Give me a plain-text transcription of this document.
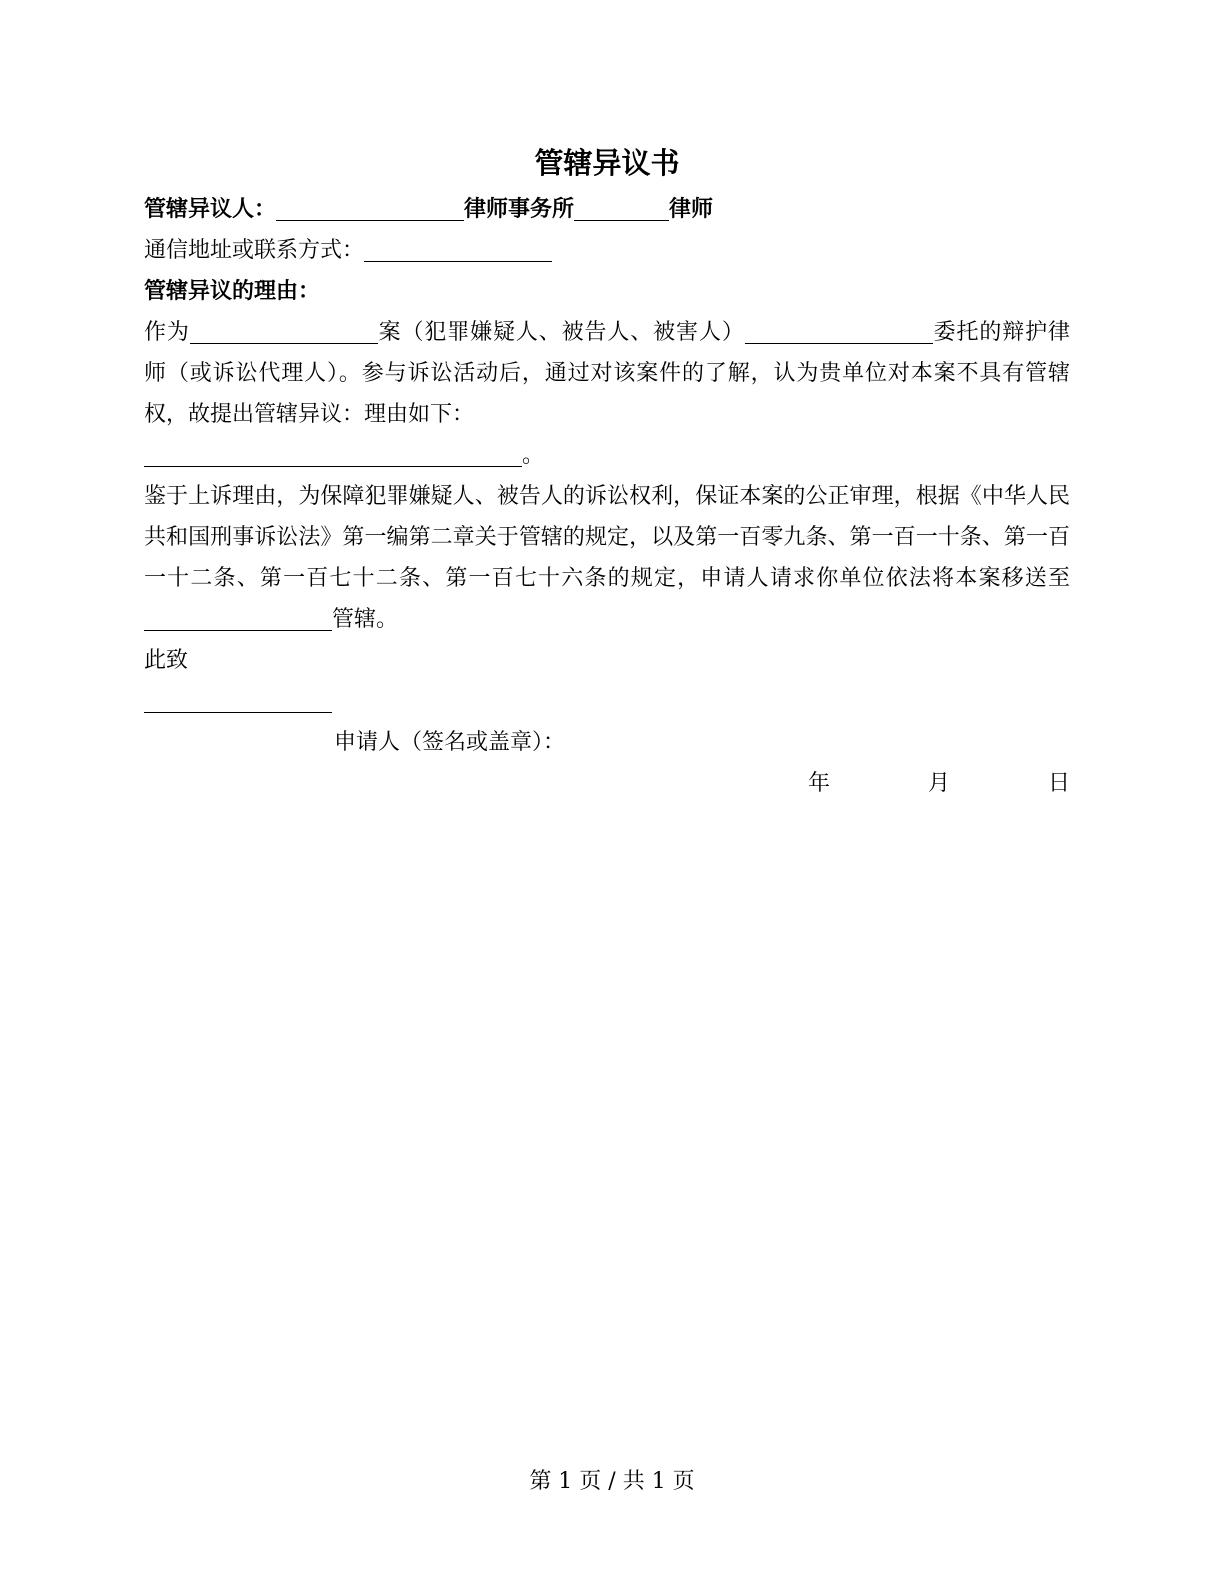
管辖异议书

管辖异议人：	律师事务所	律师

通信地址或联系方式：

管辖异议的理由：

作为	案（犯罪嫌疑人、被告人、被害人）	委托的辩护律师（或诉讼代理人）。参与诉讼活动后，通过对该案件的了解，认为贵单位对本案不具有管辖权，故提出管辖异议：理由如下：

。

鉴于上诉理由，为保障犯罪嫌疑人、被告人的诉讼权利，保证本案的公正审理，根据《中华人民共和国刑事诉讼法》第一编第二章关于管辖的规定，以及第一百零九条、第一百一十条、第一百一十二条、第一百七十二条、第一百七十六条的规定，申请人请求你单位依法将本案移送至管辖。

此致

申请人（签名或盖章）：

年	月	日
第 1 页 / 共 1 页
